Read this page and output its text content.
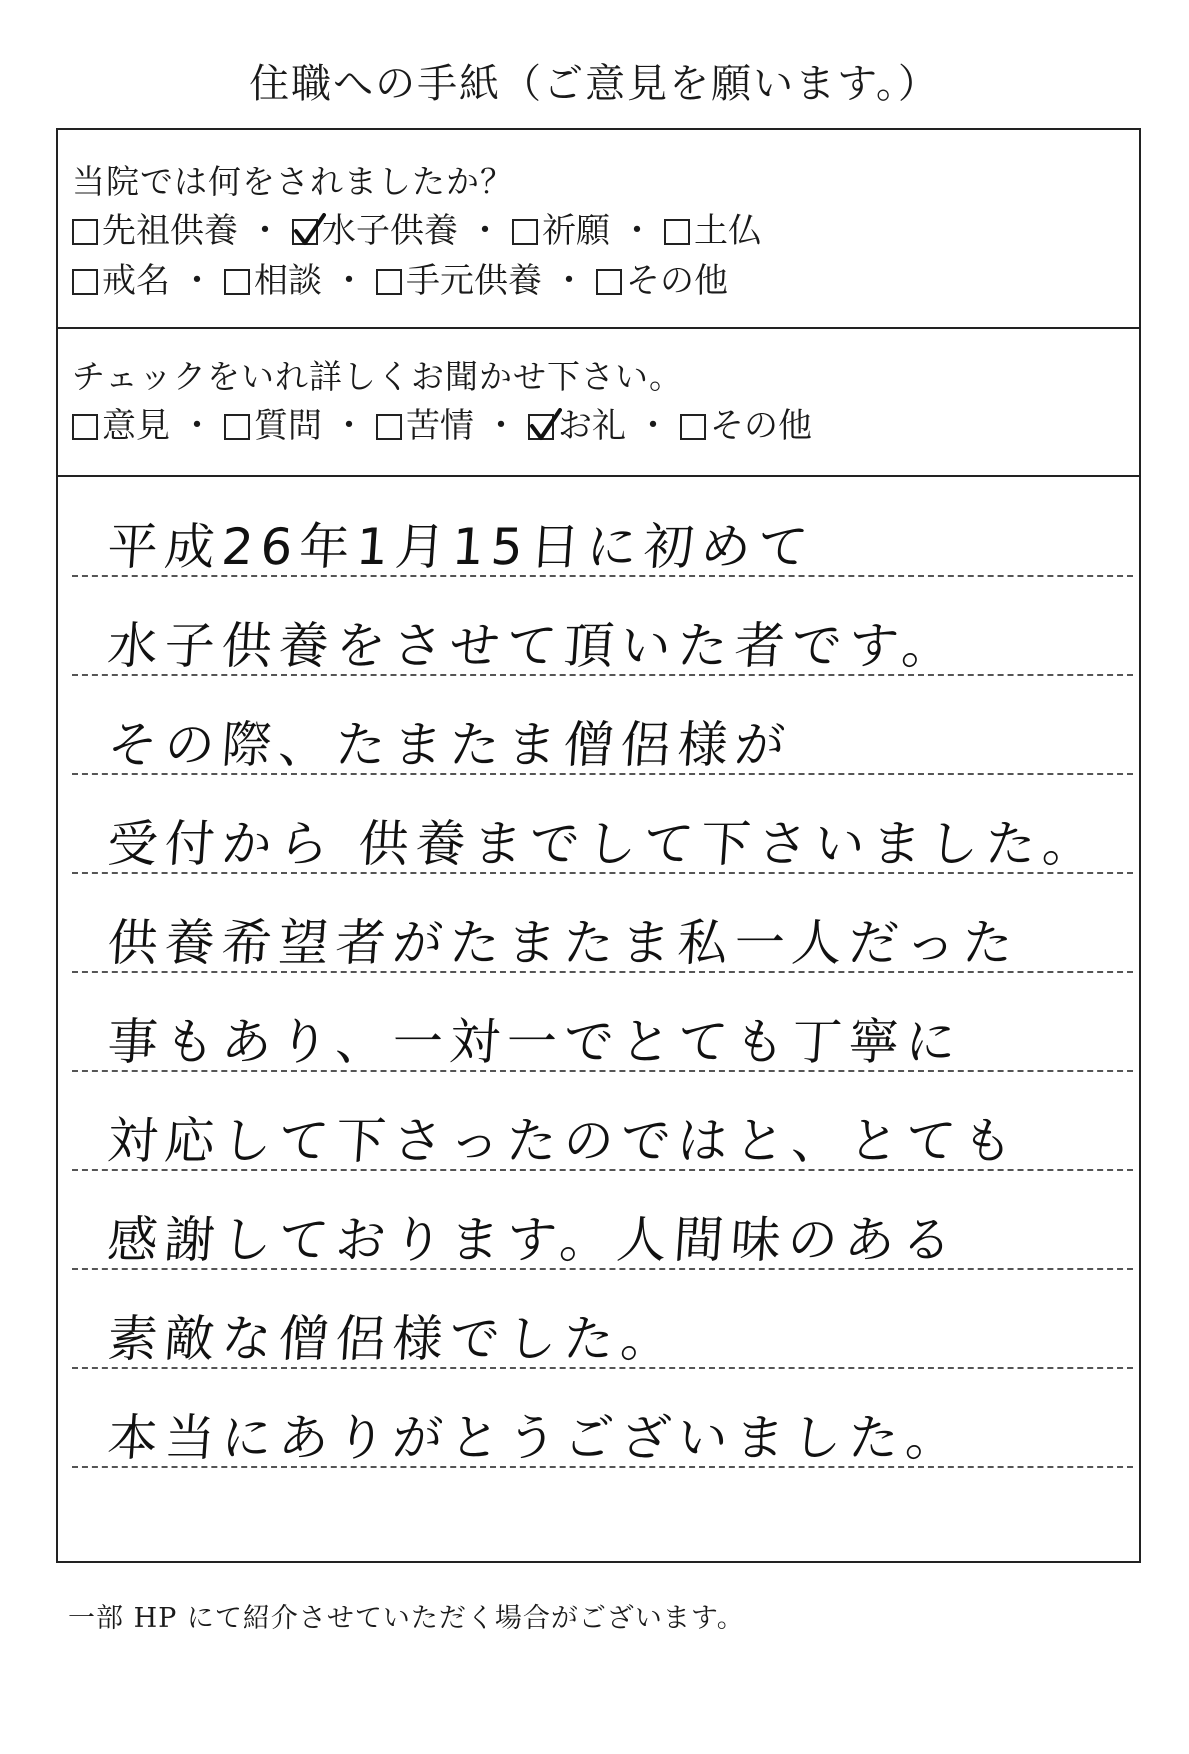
住職への手紙（ご意見を願います。）
当院では何をされましたか？
先祖供養 ・ 水子供養 ・ 祈願 ・ 土仏
戒名 ・ 相談 ・ 手元供養 ・ その他
チェックをいれ詳しくお聞かせ下さい。
意見 ・ 質問 ・ 苦情 ・ お礼 ・ その他
平成26年1月15日に初めて
水子供養をさせて頂いた者です。
その際、たまたま僧侶様が
受付から 供養までして下さいました。
供養希望者がたまたま私一人だった
事もあり、一対一でとても丁寧に
対応して下さったのではと、とても
感謝しております。人間味のある
素敵な僧侶様でした。
本当にありがとうございました。
一部 HP にて紹介させていただく場合がございます。
